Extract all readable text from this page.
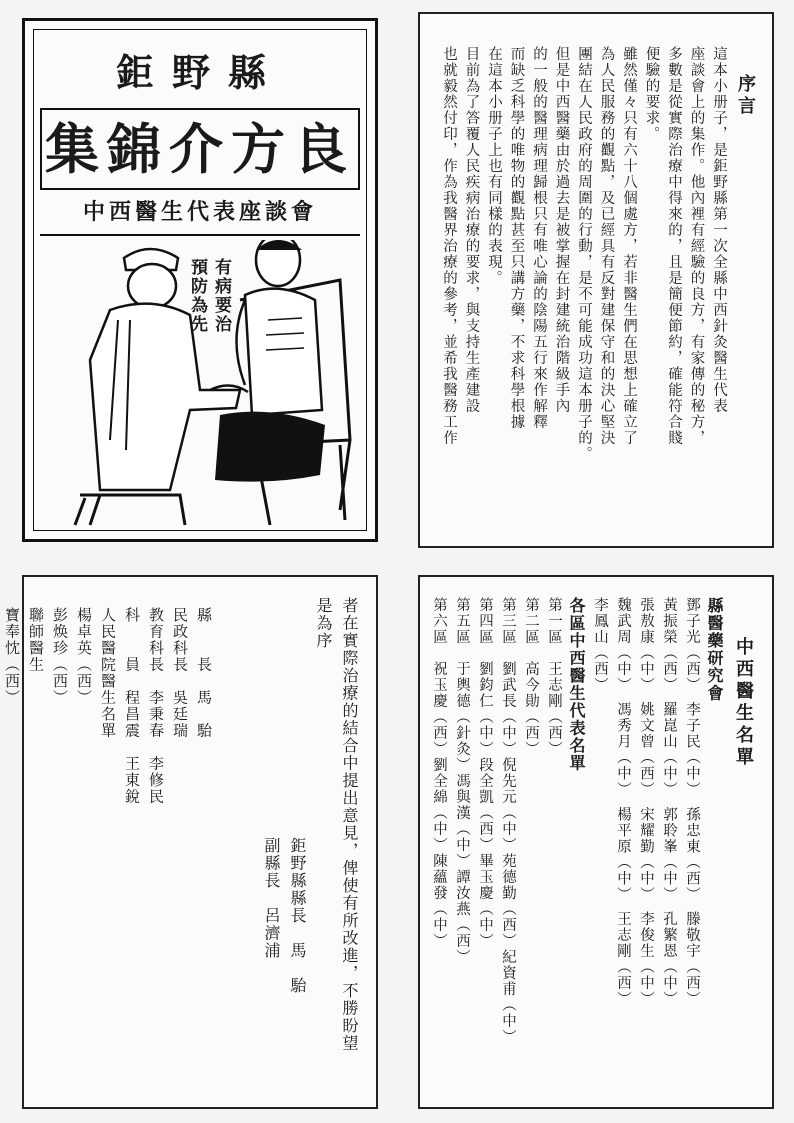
鉅野縣
集錦介方良
中西醫生代表座談會
有病要治
預防為先
序言
這本小册子，是鉅野縣第一次全縣中西針灸醫生代表
座談會上的集作。他內裡有經驗的良方，有家傳的秘方，
多數是從實際治療中得來的，且是簡便節約，確能符合賤
便驗的要求。
雖然僅々只有六十八個處方，若非醫生們在思想上確立了
為人民服務的觀點，及已經具有反對建保守和的決心堅決
團結在人民政府的周圍的行動，是不可能成功這本册子的。
但是中西醫藥由於過去是被掌握在封建統治階級手內
的一般的醫理病理歸根只有唯心論的陰陽五行來作解釋
而缺乏科學的唯物的觀點甚至只講方藥，不求科學根據
在這本小册子上也有同樣的表現。
目前為了答覆人民疾病治療的要求，與支持生產建設
也就毅然付印，作為我醫界治療的參考，並希我醫務工作
者在實際治療的結合中提出意見，俾使有所改進，不勝盼望
是為序
鉅野縣縣長　馬　駘
副縣長　呂濟浦
縣　　長　馬　駘
民政科長　吳廷瑞
教育科長　李秉春　李修民
科　　員　程昌震　王東銳
人民醫院醫生名單
楊卓英（西）
彭焕珍（西）
聯師醫生
寶奉忱（西）	中西醫生名單
縣醫藥研究會
鄧子光（西）　李子民（中）　孫忠東（西）　滕敬宇（西）
黃振榮（西）　羅崑山（中）　郭聆峯（中）　孔繁恩（中）
張敖康（中）　姚文曾（西）　宋耀勤（中）　李俊生（中）
魏武周（中）　馮秀月（中）　楊平原（中）　王志剛（西）
李鳳山（西）
各區中西醫生代表名單
第一區　王志剛（西）
第二區　高今勛（西）
第三區　劉武長（中）倪先元（中）苑德勤（西）紀資甫（中）
第四區　劉鈞仁（中）段全凱（西）畢玉慶（中）
第五區　于輿德（針灸）馮與漢（中）譚汝燕（西）
第六區　祝玉慶（西）劉全綿（中）陳蘊發（中）
